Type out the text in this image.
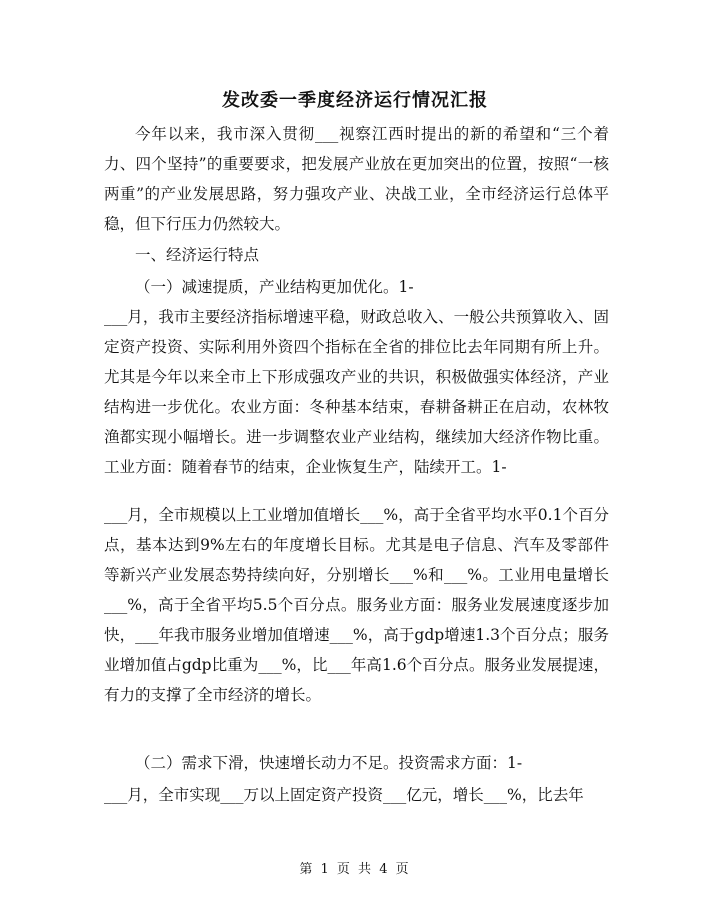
发改委一季度经济运行情况汇报

今年以来，我市深入贯彻___视察江西时提出的新的希望和“三个着力、四个坚持”的重要要求，把发展产业放在更加突出的位置，按照“一核两重”的产业发展思路，努力强攻产业、决战工业，全市经济运行总体平稳，但下行压力仍然较大。

一、经济运行特点

（一）减速提质，产业结构更加优化。1-

___月，我市主要经济指标增速平稳，财政总收入、一般公共预算收入、固定资产投资、实际利用外资四个指标在全省的排位比去年同期有所上升。尤其是今年以来全市上下形成强攻产业的共识，积极做强实体经济，产业结构进一步优化。农业方面：冬种基本结束，春耕备耕正在启动，农林牧渔都实现小幅增长。进一步调整农业产业结构，继续加大经济作物比重。工业方面：随着春节的结束，企业恢复生产，陆续开工。1-

___月，全市规模以上工业增加值增长___%，高于全省平均水平0.1个百分点，基本达到9%左右的年度增长目标。尤其是电子信息、汽车及零部件等新兴产业发展态势持续向好，分别增长___%和___%。工业用电量增长___%，高于全省平均5.5个百分点。服务业方面：服务业发展速度逐步加快，___年我市服务业增加值增速___%，高于gdp增速1.3个百分点；服务业增加值占gdp比重为___%，比___年高1.6个百分点。服务业发展提速，有力的支撑了全市经济的增长。

（二）需求下滑，快速增长动力不足。投资需求方面：1-

___月，全市实现___万以上固定资产投资___亿元，增长___%，比去年

第 1 页 共 4 页
